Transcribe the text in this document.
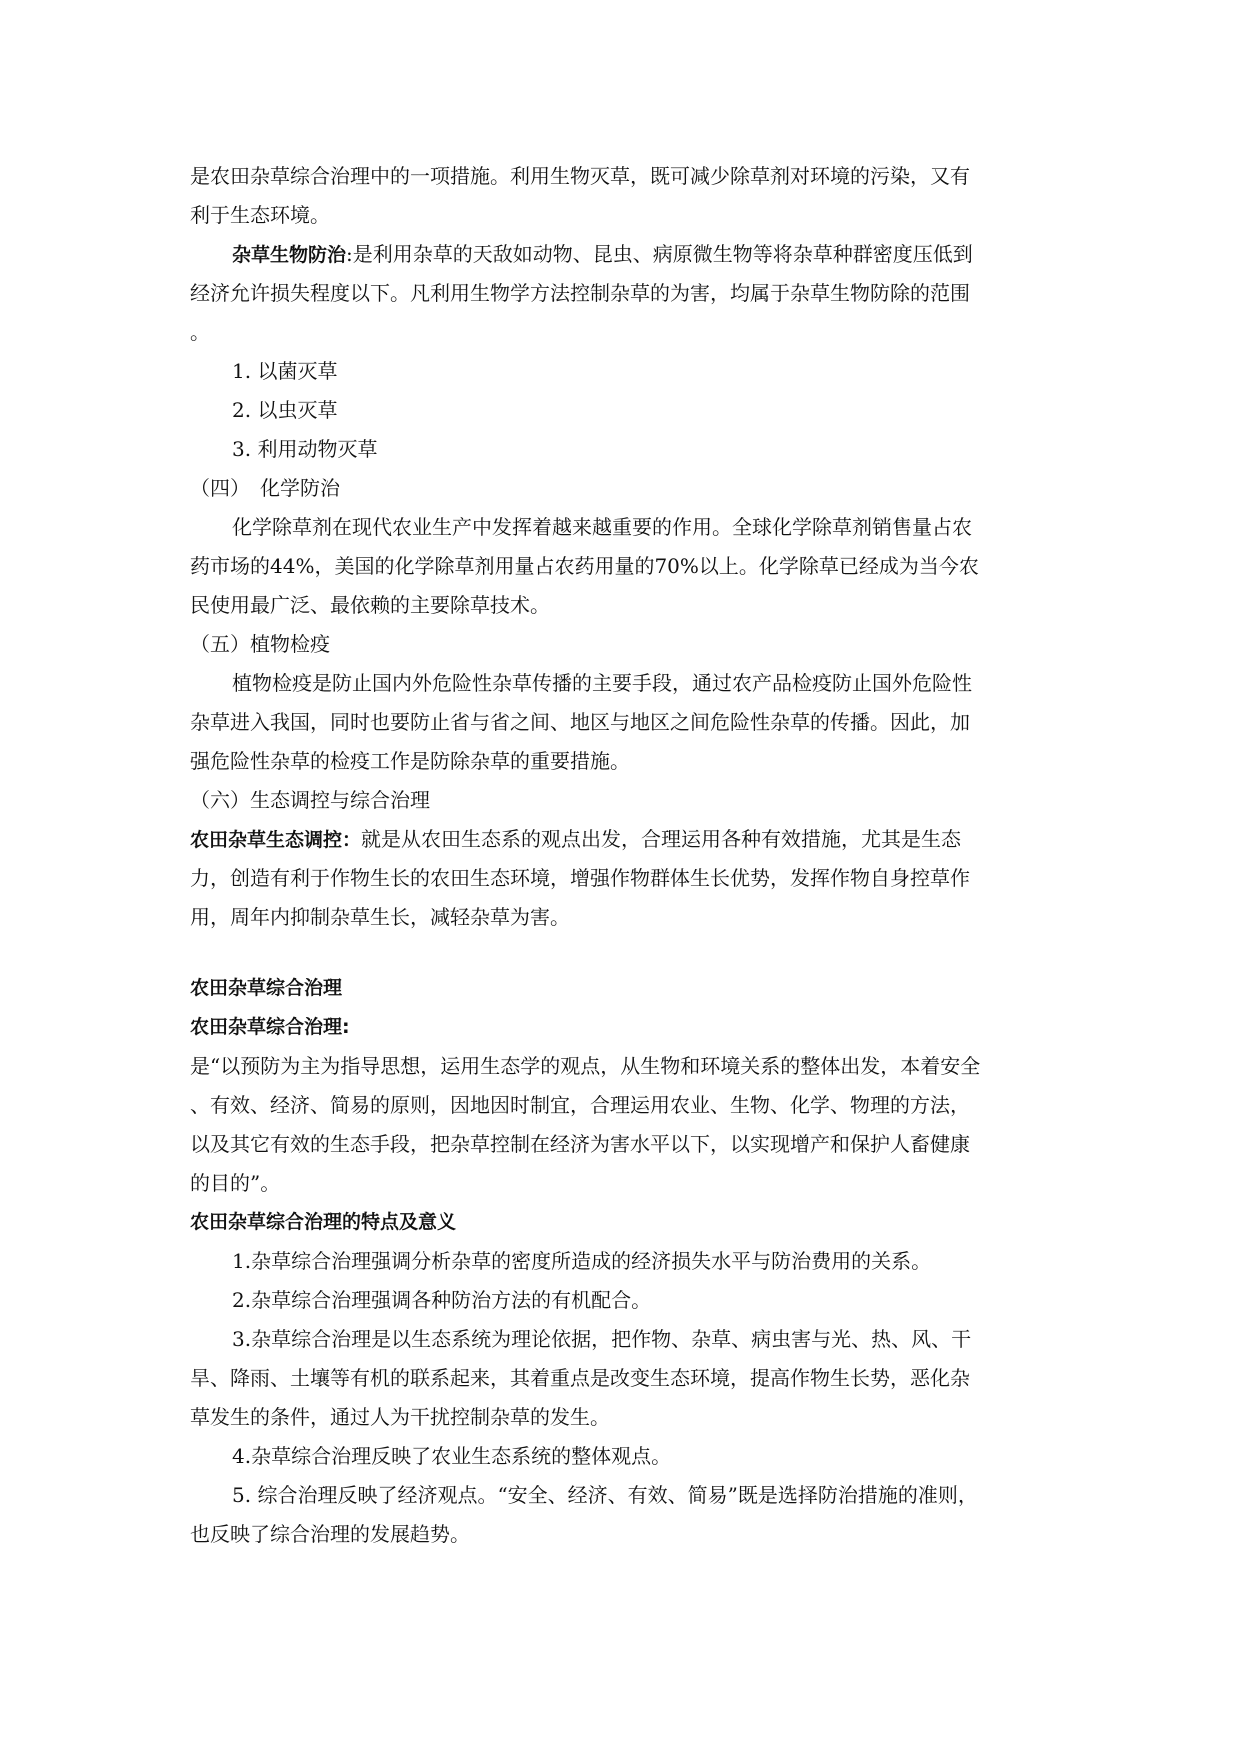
是农田杂草综合治理中的一项措施。利用生物灭草，既可减少除草剂对环境的污染，又有
利于生态环境。
杂草生物防治:是利用杂草的天敌如动物、昆虫、病原微生物等将杂草种群密度压低到
经济允许损失程度以下。凡利用生物学方法控制杂草的为害，均属于杂草生物防除的范围
。
1. 以菌灭草
2. 以虫灭草
3. 利用动物灭草
（四）　化学防治
化学除草剂在现代农业生产中发挥着越来越重要的作用。全球化学除草剂销售量占农
药市场的44%，美国的化学除草剂用量占农药用量的70%以上。化学除草已经成为当今农
民使用最广泛、最依赖的主要除草技术。
（五）植物检疫
植物检疫是防止国内外危险性杂草传播的主要手段，通过农产品检疫防止国外危险性
杂草进入我国，同时也要防止省与省之间、地区与地区之间危险性杂草的传播。因此，加
强危险性杂草的检疫工作是防除杂草的重要措施。
（六）生态调控与综合治理
农田杂草生态调控：就是从农田生态系的观点出发，合理运用各种有效措施，尤其是生态
力，创造有利于作物生长的农田生态环境，增强作物群体生长优势，发挥作物自身控草作
用，周年内抑制杂草生长，减轻杂草为害。
农田杂草综合治理
农田杂草综合治理:
是“以预防为主为指导思想，运用生态学的观点，从生物和环境关系的整体出发，本着安全
、有效、经济、简易的原则，因地因时制宜，合理运用农业、生物、化学、物理的方法，
以及其它有效的生态手段，把杂草控制在经济为害水平以下，以实现增产和保护人畜健康
的目的”。
农田杂草综合治理的特点及意义
1.杂草综合治理强调分析杂草的密度所造成的经济损失水平与防治费用的关系。
2.杂草综合治理强调各种防治方法的有机配合。
3.杂草综合治理是以生态系统为理论依据，把作物、杂草、病虫害与光、热、风、干
旱、降雨、土壤等有机的联系起来，其着重点是改变生态环境，提高作物生长势，恶化杂
草发生的条件，通过人为干扰控制杂草的发生。
4.杂草综合治理反映了农业生态系统的整体观点。
5. 综合治理反映了经济观点。“安全、经济、有效、简易”既是选择防治措施的准则，
也反映了综合治理的发展趋势。
